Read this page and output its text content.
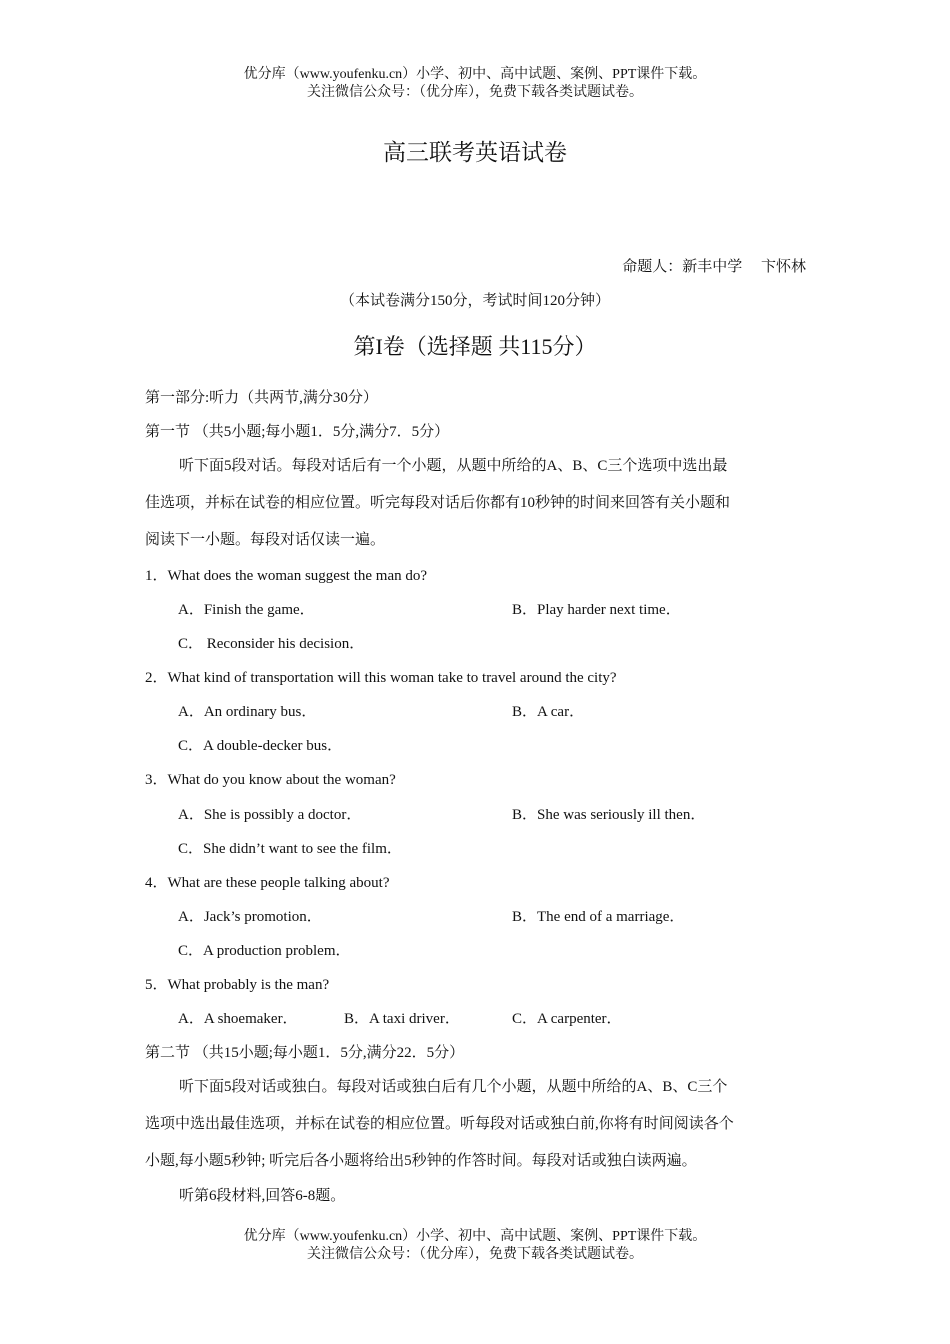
优分库（www.youfenku.cn）小学、初中、高中试题、案例、PPT课件下载。
关注微信公众号：（优分库），免费下载各类试题试卷。
高三联考英语试卷
命题人：新丰中学　 卞怀林
（本试卷满分150分，考试时间120分钟）
第I卷（选择题 共115分）
第一部分:听力（共两节,满分30分）
第一节 （共5小题;每小题1．5分,满分7．5分）
听下面5段对话。每段对话后有一个小题，从题中所给的A、B、C三个选项中选出最
佳选项，并标在试卷的相应位置。听完每段对话后你都有10秒钟的时间来回答有关小题和
阅读下一小题。每段对话仅读一遍。
1．What does the woman suggest the man do?
A．Finish the game．	B．Play harder next time．
C． Reconsider his decision．
2．What kind of transportation will this woman take to travel around the city?
A．An ordinary bus．	B．A car．
C．A double-decker bus．
3．What do you know about the woman?
A．She is possibly a doctor．	B．She was seriously ill then．
C．She didn’t want to see the film．
4．What are these people talking about?
A．Jack’s promotion．	B．The end of a marriage．
C．A production problem．
5．What probably is the man?
A．A shoemaker．	B．A taxi driver．	C．A carpenter．
第二节 （共15小题;每小题1．5分,满分22．5分）
听下面5段对话或独白。每段对话或独白后有几个小题，从题中所给的A、B、C三个
选项中选出最佳选项，并标在试卷的相应位置。听每段对话或独白前,你将有时间阅读各个
小题,每小题5秒钟; 听完后各小题将给出5秒钟的作答时间。每段对话或独白读两遍。
听第6段材料,回答6-8题。
优分库（www.youfenku.cn）小学、初中、高中试题、案例、PPT课件下载。
关注微信公众号：（优分库），免费下载各类试题试卷。
